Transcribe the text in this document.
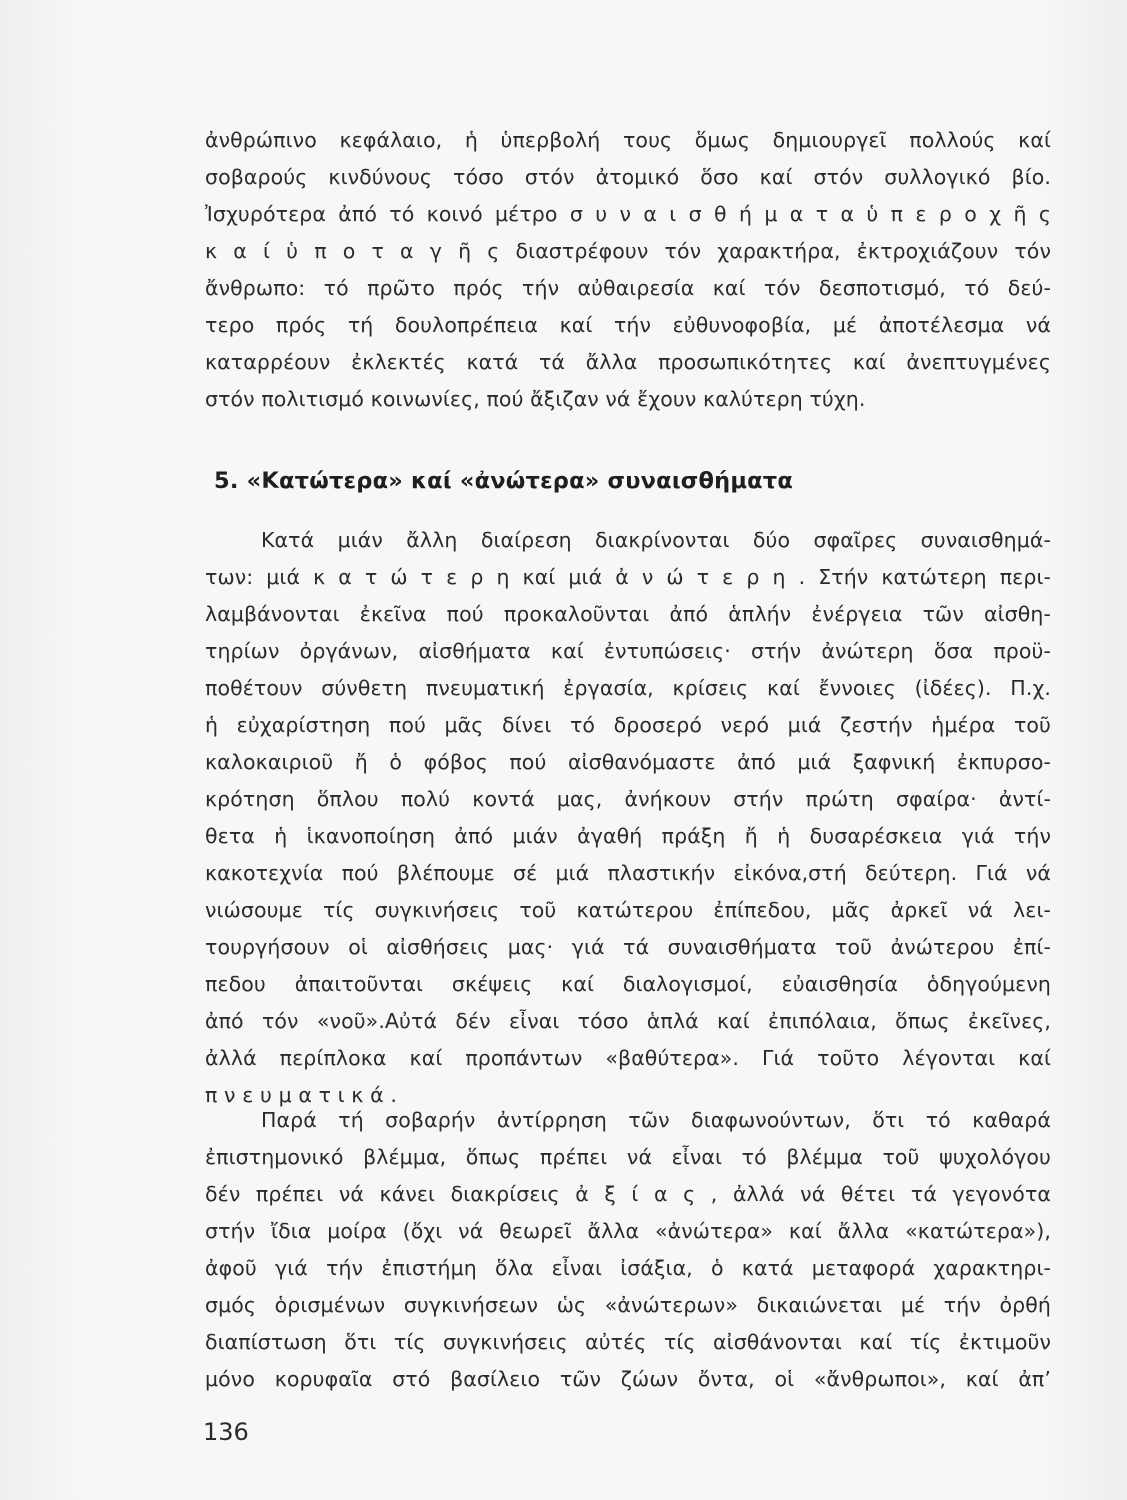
ἀνθρώπινο κεφάλαιο, ἡ ὑπερβολή τους ὅμως δημιουργεῖ πολλούς καί
σοβαρούς κινδύνους τόσο στόν ἀτομικό ὅσο καί στόν συλλογικό βίο.
Ἰσχυρότερα ἀπό τό κοινό μέτρο σ υ ν α ι σ θ ή μ α τ α ὑ π ε ρ ο χ ῆ ς
κ α ί ὑ π ο τ α γ ῆ ς διαστρέφουν τόν χαρακτήρα, ἐκτροχιάζουν τόν
ἄνθρωπο: τό πρῶτο πρός τήν αὐθαιρεσία καί τόν δεσποτισμό, τό δεύ-
τερο πρός τή δουλοπρέπεια καί τήν εὐθυνοφοβία, μέ ἀποτέλεσμα νά
καταρρέουν ἐκλεκτές κατά τά ἄλλα προσωπικότητες καί ἀνεπτυγμένες
στόν πολιτισμό κοινωνίες, πού ἄξιζαν νά ἔχουν καλύτερη τύχη.
5. «Κατώτερα» καί «ἀνώτερα» συναισθήματα
Κατά μιάν ἄλλη διαίρεση διακρίνονται δύο σφαῖρες συναισθημά-
των: μιά κ α τ ώ τ ε ρ η καί μιά ἀ ν ώ τ ε ρ η . Στήν κατώτερη περι-
λαμβάνονται ἐκεῖνα πού προκαλοῦνται ἀπό ἁπλήν ἐνέργεια τῶν αἰσθη-
τηρίων ὀργάνων, αἰσθήματα καί ἐντυπώσεις· στήν ἀνώτερη ὅσα προϋ-
ποθέτουν σύνθετη πνευματική ἐργασία, κρίσεις καί ἔννοιες (ἰδέες). Π.χ.
ἡ εὐχαρίστηση πού μᾶς δίνει τό δροσερό νερό μιά ζεστήν ἡμέρα τοῦ
καλοκαιριοῦ ἤ ὁ φόβος πού αἰσθανόμαστε ἀπό μιά ξαφνική ἐκπυρσο-
κρότηση ὅπλου πολύ κοντά μας, ἀνήκουν στήν πρώτη σφαίρα· ἀντί-
θετα ἡ ἱκανοποίηση ἀπό μιάν ἀγαθή πράξη ἤ ἡ δυσαρέσκεια γιά τήν
κακοτεχνία πού βλέπουμε σέ μιά πλαστικήν εἰκόνα,στή δεύτερη. Γιά νά
νιώσουμε τίς συγκινήσεις τοῦ κατώτερου ἐπίπεδου, μᾶς ἀρκεῖ νά λει-
τουργήσουν οἱ αἰσθήσεις μας· γιά τά συναισθήματα τοῦ ἀνώτερου ἐπί-
πεδου ἀπαιτοῦνται σκέψεις καί διαλογισμοί, εὐαισθησία ὁδηγούμενη
ἀπό τόν «νοῦ».Αὐτά δέν εἶναι τόσο ἁπλά καί ἐπιπόλαια, ὅπως ἐκεῖνες,
ἀλλά περίπλοκα καί προπάντων «βαθύτερα». Γιά τοῦτο λέγονται καί
π ν ε υ μ α τ ι κ ά .
Παρά τή σοβαρήν ἀντίρρηση τῶν διαφωνούντων, ὅτι τό καθαρά
ἐπιστημονικό βλέμμα, ὅπως πρέπει νά εἶναι τό βλέμμα τοῦ ψυχολόγου
δέν πρέπει νά κάνει διακρίσεις ἀ ξ ί α ς , ἀλλά νά θέτει τά γεγονότα
στήν ἴδια μοίρα (ὄχι νά θεωρεῖ ἄλλα «ἀνώτερα» καί ἄλλα «κατώτερα»),
ἀφοῦ γιά τήν ἐπιστήμη ὅλα εἶναι ἰσάξια, ὁ κατά μεταφορά χαρακτηρι-
σμός ὁρισμένων συγκινήσεων ὡς «ἀνώτερων» δικαιώνεται μέ τήν ὀρθή
διαπίστωση ὅτι τίς συγκινήσεις αὐτές τίς αἰσθάνονται καί τίς ἐκτιμοῦν
μόνο κορυφαῖα στό βασίλειο τῶν ζώων ὄντα, οἱ «ἄνθρωποι», καί ἀπ’
136
